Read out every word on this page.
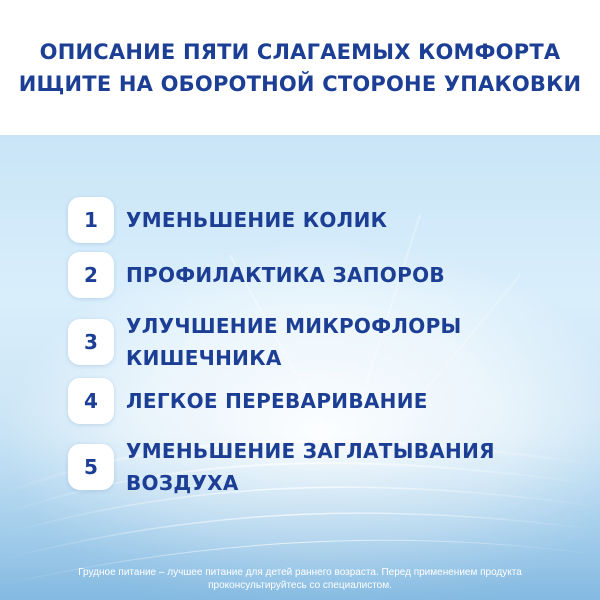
ОПИСАНИЕ ПЯТИ СЛАГАЕМЫХ КОМФОРТА
ИЩИТЕ НА ОБОРОТНОЙ СТОРОНЕ УПАКОВКИ
1	УМЕНЬШЕНИЕ КОЛИК
2	ПРОФИЛАКТИКА ЗАПОРОВ
3
УЛУЧШЕНИЕ МИКРОФЛОРЫ
КИШЕЧНИКА
4	ЛЕГКОЕ ПЕРЕВАРИВАНИЕ
5
УМЕНЬШЕНИЕ ЗАГЛАТЫВАНИЯ
ВОЗДУХА
Грудное питание – лучшее питание для детей раннего возраста. Перед применением продукта
проконсультируйтесь со специалистом.
